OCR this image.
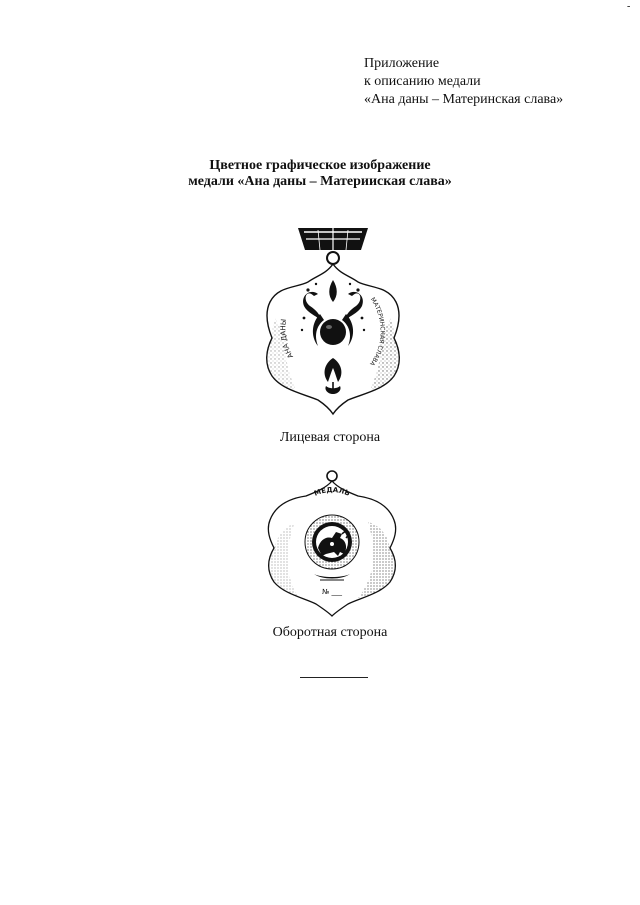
-
Приложение
к описанию медали
«Ана даны – Материнская слава»
Цветное графическое изображение
медали «Ана даны – Материиская слава»
АНА ДАНЫ
МАТЕРИНСКАЯ СЛАВА
Лицевая сторона
МЕДАЛЬ
№ ___
Оборотная сторона
